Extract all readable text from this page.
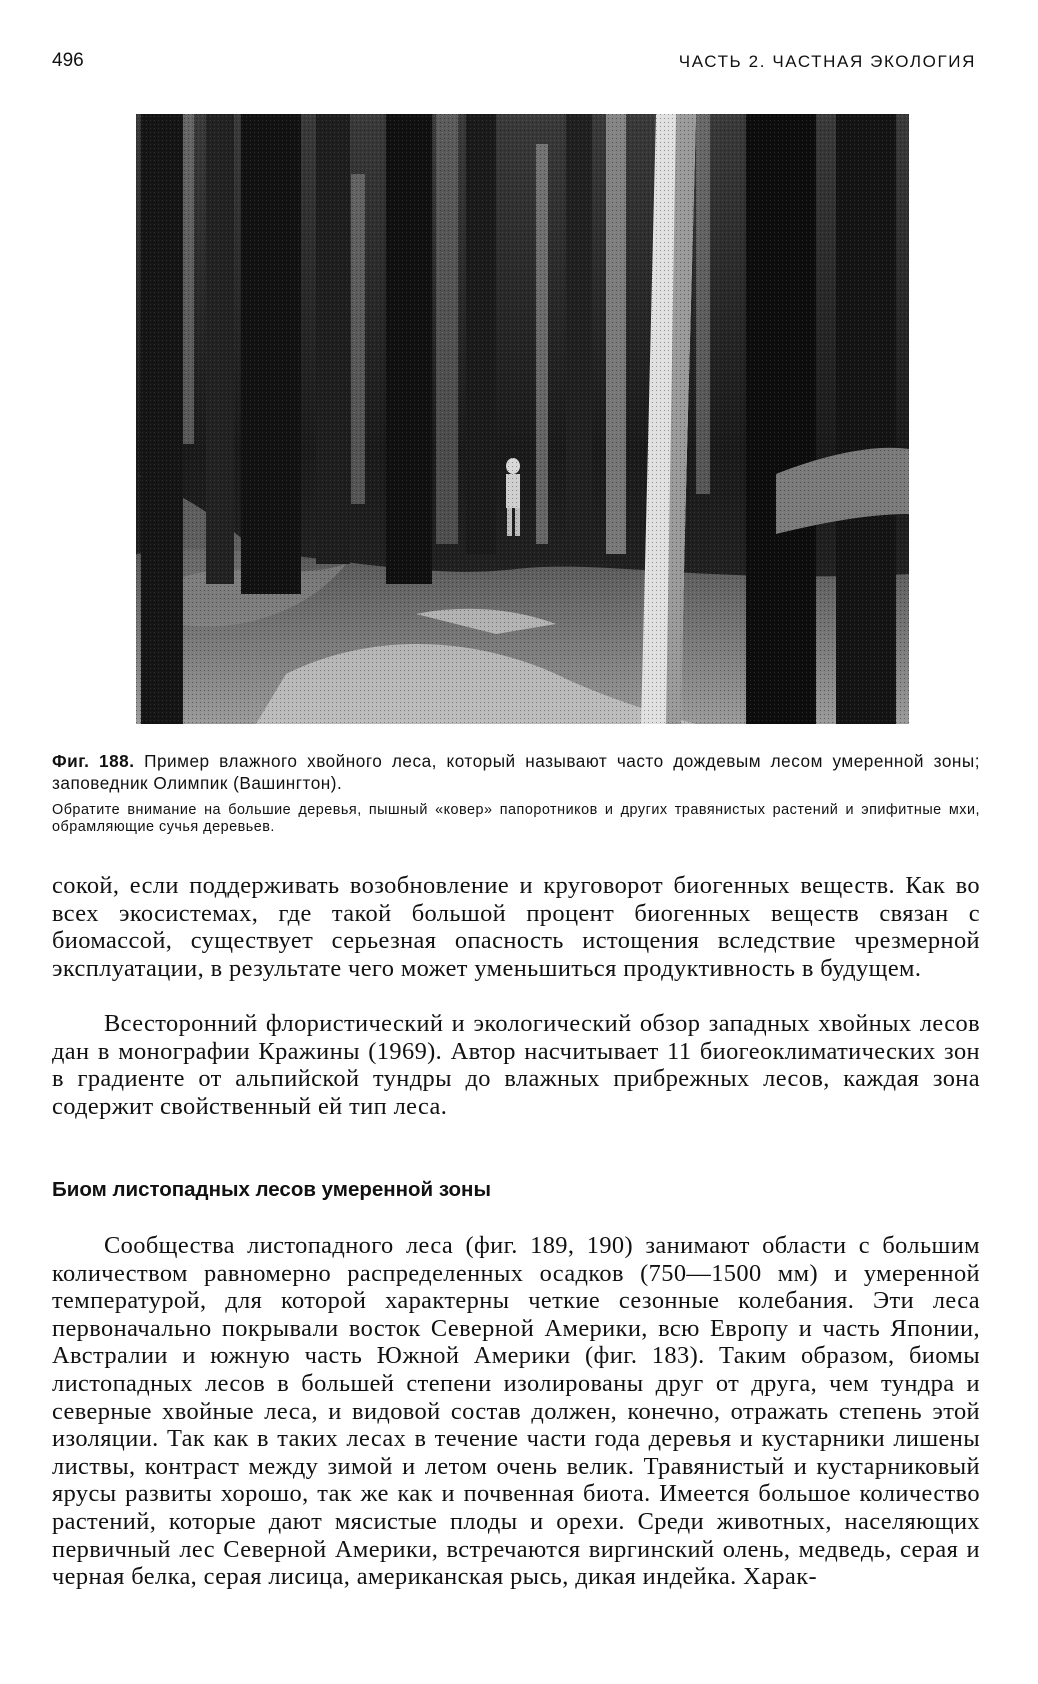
496	ЧАСТЬ 2. ЧАСТНАЯ ЭКОЛОГИЯ

Фиг. 188. Пример влажного хвойного леса, который называют часто дождевым лесом умеренной зоны; заповедник Олимпик (Вашингтон).

Обратите внимание на большие деревья, пышный «ковер» папоротников и других травянистых растений и эпифитные мхи, обрамляющие сучья деревьев.

сокой, если поддерживать возобновление и круговорот биогенных веществ. Как во всех экосистемах, где такой большой процент биогенных веществ связан с биомассой, существует серьезная опасность истощения вследствие чрезмерной эксплуатации, в результате чего может уменьшиться продуктивность в будущем.

Всесторонний флористический и экологический обзор западных хвойных лесов дан в монографии Кражины (1969). Автор насчитывает 11 биогеоклиматических зон в градиенте от альпийской тундры до влажных прибрежных лесов, каждая зона содержит свойственный ей тип леса.

Биом листопадных лесов умеренной зоны

Сообщества листопадного леса (фиг. 189, 190) занимают области с большим количеством равномерно распределенных осадков (750—1500 мм) и умеренной температурой, для которой характерны четкие сезонные колебания. Эти леса первоначально покрывали восток Северной Америки, всю Европу и часть Японии, Австралии и южную часть Южной Америки (фиг. 183). Таким образом, биомы листопадных лесов в большей степени изолированы друг от друга, чем тундра и северные хвойные леса, и видовой состав должен, конечно, отражать степень этой изоляции. Так как в таких лесах в течение части года деревья и кустарники лишены листвы, контраст между зимой и летом очень велик. Травянистый и кустарниковый ярусы развиты хорошо, так же как и почвенная биота. Имеется большое количество растений, которые дают мясистые плоды и орехи. Среди животных, населяющих первичный лес Северной Америки, встречаются виргинский олень, медведь, серая и черная белка, серая лисица, американская рысь, дикая индейка. Харак-
